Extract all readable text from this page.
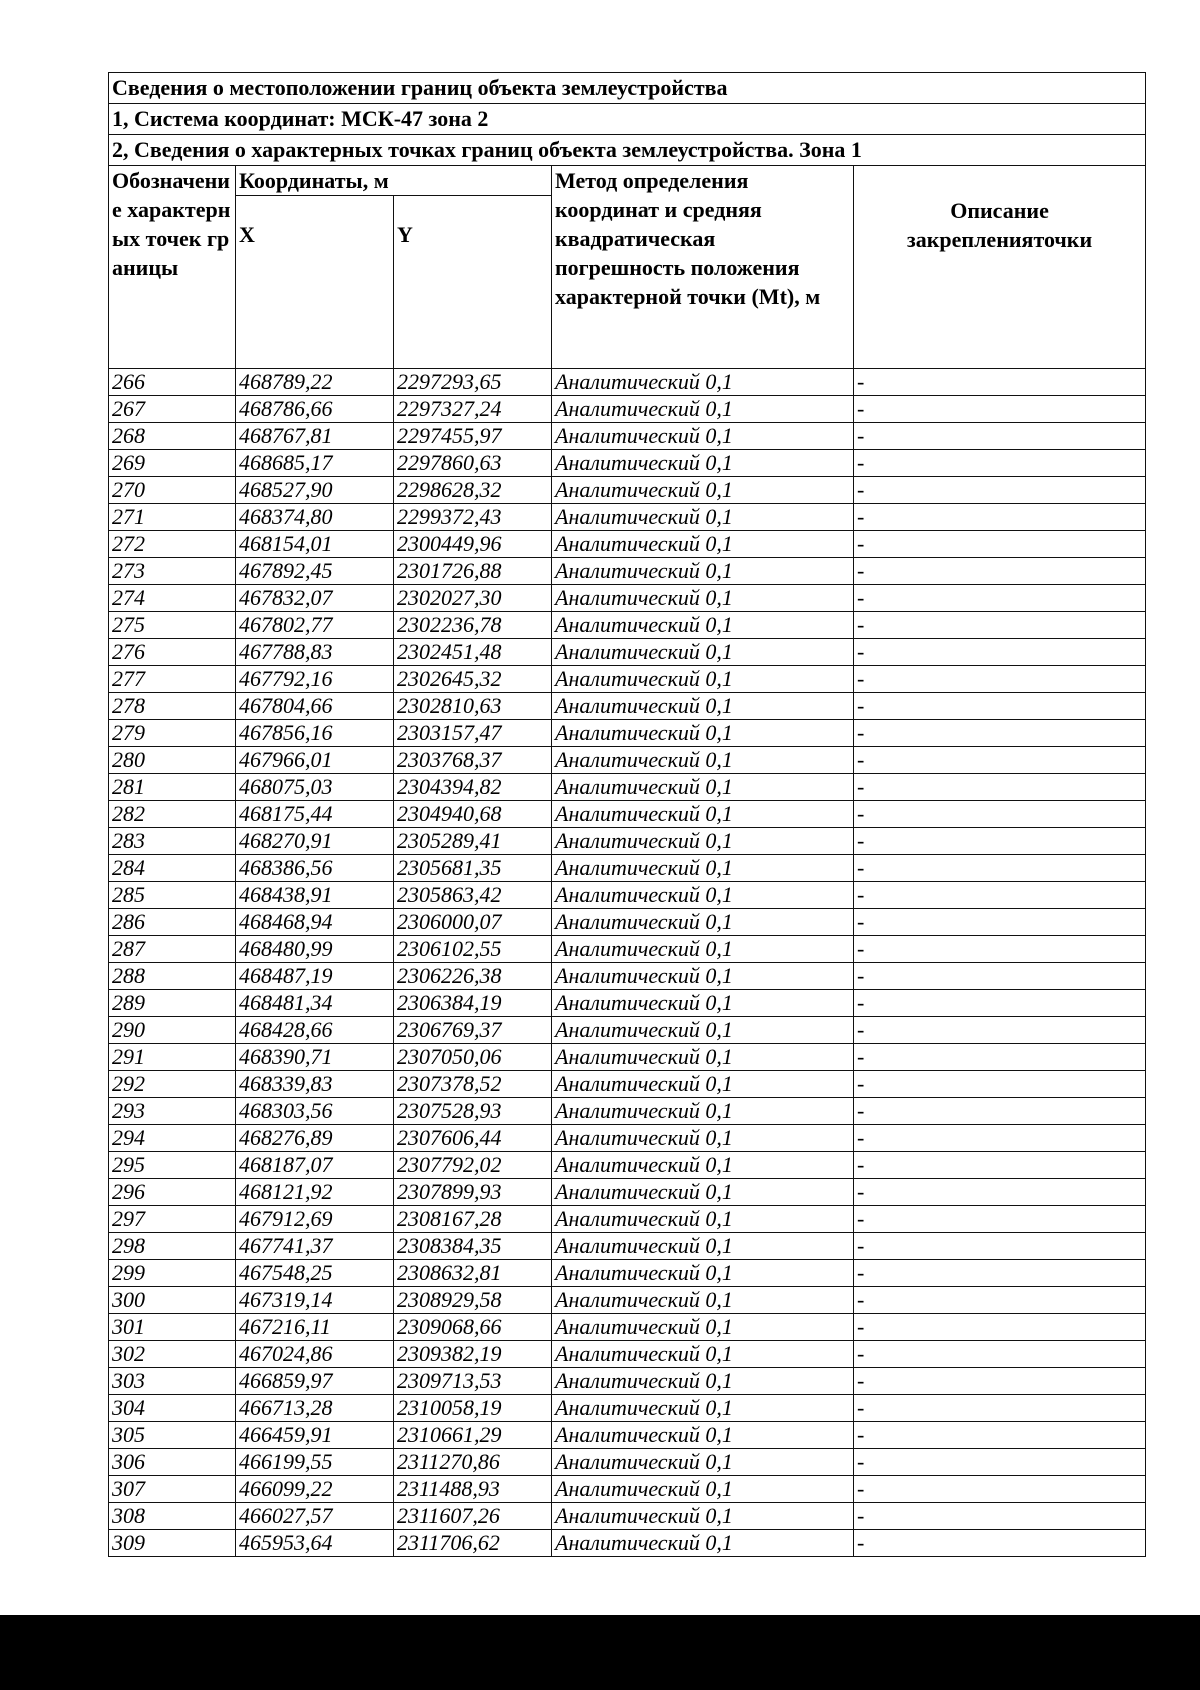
Сведения о местоположении границ объекта землеустройства				
1, Система координат: МСК-47 зона 2				
2, Сведения о характерных точках границ объекта землеустройства. Зона 1				
Обозначение характерных точек границы	Координаты, м		Метод определения координат и средняя квадратическая погрешность положения характерной точки (Mt), м	Описание закрепленияточки
	X	Y		
266	468789,22	2297293,65	Аналитический 0,1	-
267	468786,66	2297327,24	Аналитический 0,1	-
268	468767,81	2297455,97	Аналитический 0,1	-
269	468685,17	2297860,63	Аналитический 0,1	-
270	468527,90	2298628,32	Аналитический 0,1	-
271	468374,80	2299372,43	Аналитический 0,1	-
272	468154,01	2300449,96	Аналитический 0,1	-
273	467892,45	2301726,88	Аналитический 0,1	-
274	467832,07	2302027,30	Аналитический 0,1	-
275	467802,77	2302236,78	Аналитический 0,1	-
276	467788,83	2302451,48	Аналитический 0,1	-
277	467792,16	2302645,32	Аналитический 0,1	-
278	467804,66	2302810,63	Аналитический 0,1	-
279	467856,16	2303157,47	Аналитический 0,1	-
280	467966,01	2303768,37	Аналитический 0,1	-
281	468075,03	2304394,82	Аналитический 0,1	-
282	468175,44	2304940,68	Аналитический 0,1	-
283	468270,91	2305289,41	Аналитический 0,1	-
284	468386,56	2305681,35	Аналитический 0,1	-
285	468438,91	2305863,42	Аналитический 0,1	-
286	468468,94	2306000,07	Аналитический 0,1	-
287	468480,99	2306102,55	Аналитический 0,1	-
288	468487,19	2306226,38	Аналитический 0,1	-
289	468481,34	2306384,19	Аналитический 0,1	-
290	468428,66	2306769,37	Аналитический 0,1	-
291	468390,71	2307050,06	Аналитический 0,1	-
292	468339,83	2307378,52	Аналитический 0,1	-
293	468303,56	2307528,93	Аналитический 0,1	-
294	468276,89	2307606,44	Аналитический 0,1	-
295	468187,07	2307792,02	Аналитический 0,1	-
296	468121,92	2307899,93	Аналитический 0,1	-
297	467912,69	2308167,28	Аналитический 0,1	-
298	467741,37	2308384,35	Аналитический 0,1	-
299	467548,25	2308632,81	Аналитический 0,1	-
300	467319,14	2308929,58	Аналитический 0,1	-
301	467216,11	2309068,66	Аналитический 0,1	-
302	467024,86	2309382,19	Аналитический 0,1	-
303	466859,97	2309713,53	Аналитический 0,1	-
304	466713,28	2310058,19	Аналитический 0,1	-
305	466459,91	2310661,29	Аналитический 0,1	-
306	466199,55	2311270,86	Аналитический 0,1	-
307	466099,22	2311488,93	Аналитический 0,1	-
308	466027,57	2311607,26	Аналитический 0,1	-
309	465953,64	2311706,62	Аналитический 0,1	-
